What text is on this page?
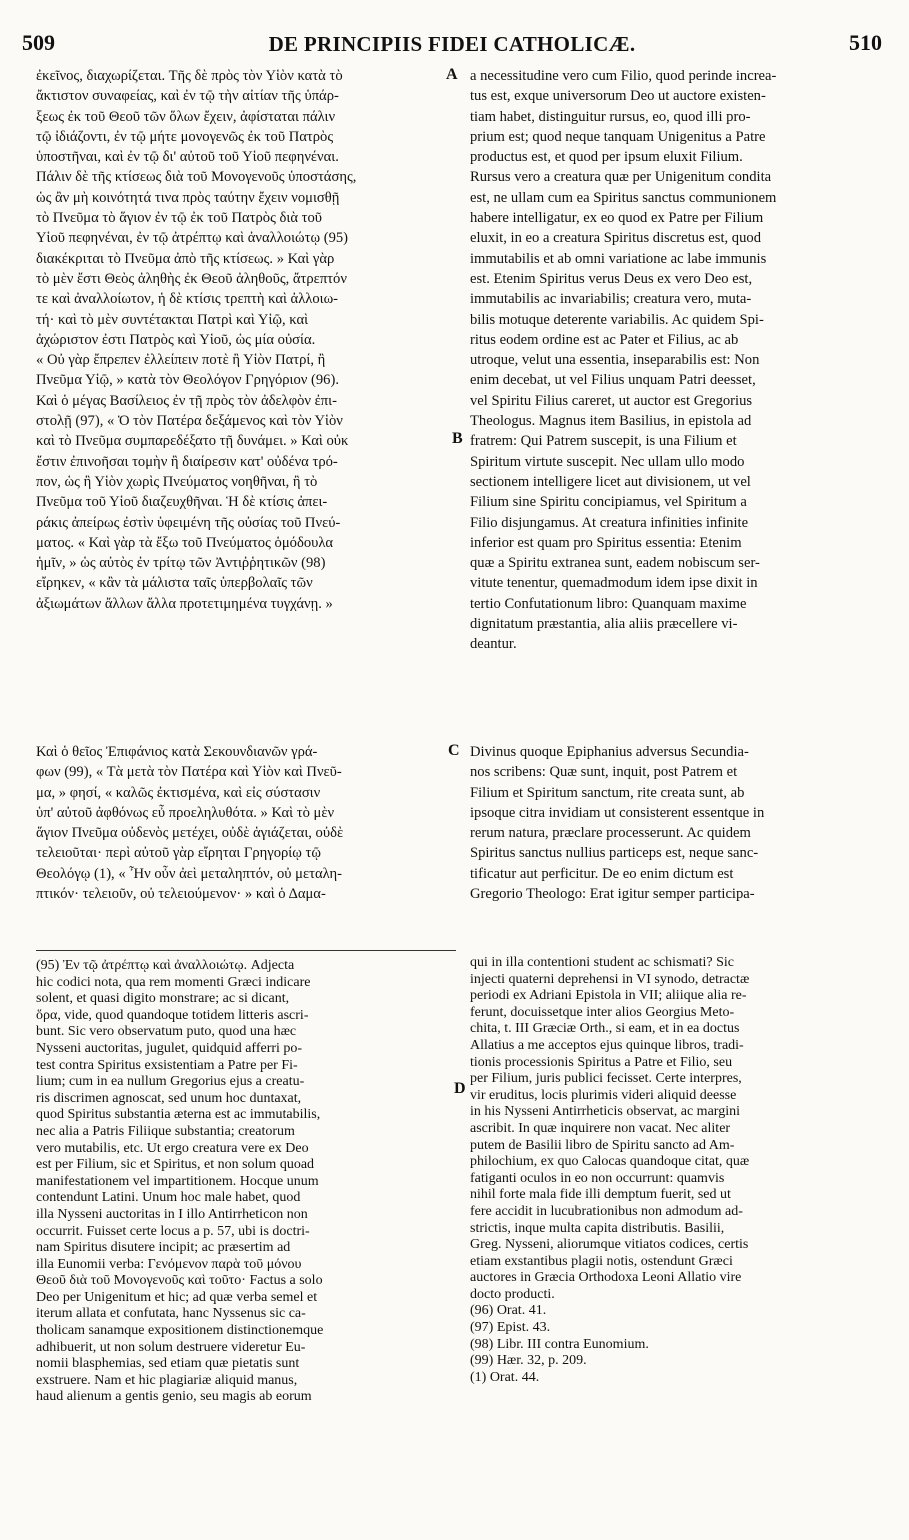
509	DE PRINCIPIIS FIDEI CATHOLICÆ.	510
A
B
C
D

ἐκεῖνος, διαχωρίζεται. Τῆς δὲ πρὸς τὸν Υἱὸν κατὰ τὸ

ἄκτιστον συναφείας, καὶ ἐν τῷ τὴν αἰτίαν τῆς ὑπάρ-

ξεως ἐκ τοῦ Θεοῦ τῶν ὅλων ἔχειν, ἀφίσταται πάλιν

τῷ ἰδιάζοντι, ἐν τῷ μήτε μονογενῶς ἐκ τοῦ Πατρὸς

ὑποστῆναι, καὶ ἐν τῷ δι' αὐτοῦ τοῦ Υἱοῦ πεφηνέναι.

Πάλιν δὲ τῆς κτίσεως διὰ τοῦ Μονογενοῦς ὑποστάσης,

ὡς ἂν μὴ κοινότητά τινα πρὸς ταύτην ἔχειν νομισθῇ

τὸ Πνεῦμα τὸ ἅγιον ἐν τῷ ἐκ τοῦ Πατρὸς διὰ τοῦ

Υἱοῦ πεφηνέναι, ἐν τῷ ἀτρέπτῳ καὶ ἀναλλοιώτῳ (95)

διακέκριται τὸ Πνεῦμα ἀπὸ τῆς κτίσεως. » Καὶ γὰρ

τὸ μὲν ἔστι Θεὸς ἀληθὴς ἐκ Θεοῦ ἀληθοῦς, ἄτρεπτόν

τε καὶ ἀναλλοίωτον, ἡ δὲ κτίσις τρεπτὴ καὶ ἀλλοιω-

τή· καὶ τὸ μὲν συντέτακται Πατρὶ καὶ Υἱῷ, καὶ

ἀχώριστον ἐστι Πατρὸς καὶ Υἱοῦ, ὡς μία οὐσία.

« Οὐ γὰρ ἔπρεπεν ἐλλείπειν ποτὲ ἢ Υἱὸν Πατρί, ἢ

Πνεῦμα Υἱῷ, » κατὰ τὸν Θεολόγον Γρηγόριον (96).

Καὶ ὁ μέγας Βασίλειος ἐν τῇ πρὸς τὸν ἀδελφὸν ἐπι-

στολῇ (97), « Ὁ τὸν Πατέρα δεξάμενος καὶ τὸν Υἱὸν

καὶ τὸ Πνεῦμα συμπαρεδέξατο τῇ δυνάμει. » Καὶ οὐκ

ἔστιν ἐπινοῆσαι τομὴν ἢ διαίρεσιν κατ' οὐδένα τρό-

πον, ὡς ἢ Υἱὸν χωρὶς Πνεύματος νοηθῆναι, ἢ τὸ

Πνεῦμα τοῦ Υἱοῦ διαζευχθῆναι. Ἡ δὲ κτίσις ἀπει-

ράκις ἀπείρως ἐστὶν ὑφειμένη τῆς οὐσίας τοῦ Πνεύ-

ματος. « Καὶ γὰρ τὰ ἔξω τοῦ Πνεύματος ὁμόδουλα

ἡμῖν, » ὡς αὐτὸς ἐν τρίτῳ τῶν Ἀντιῤῥητικῶν (98)

εἴρηκεν, « κἂν τὰ μάλιστα ταῖς ὑπερβολαῖς τῶν

ἀξιωμάτων ἄλλων ἄλλα προτετιμημένα τυγχάνῃ. »

a necessitudine vero cum Filio, quod perinde increa-

tus est, exque universorum Deo ut auctore existen-

tiam habet, distinguitur rursus, eo, quod illi pro-

prium est; quod neque tanquam Unigenitus a Patre

productus est, et quod per ipsum eluxit Filium.

Rursus vero a creatura quæ per Unigenitum condita

est, ne ullam cum ea Spiritus sanctus communionem

habere intelligatur, ex eo quod ex Patre per Filium

eluxit, in eo a creatura Spiritus discretus est, quod

immutabilis et ab omni variatione ac labe immunis

est. Etenim Spiritus verus Deus ex vero Deo est,

immutabilis ac invariabilis; creatura vero, muta-

bilis motuque deterente variabilis. Ac quidem Spi-

ritus eodem ordine est ac Pater et Filius, ac ab

utroque, velut una essentia, inseparabilis est: Non

enim decebat, ut vel Filius unquam Patri deesset,

vel Spiritu Filius careret, ut auctor est Gregorius

Theologus. Magnus item Basilius, in epistola ad

fratrem: Qui Patrem suscepit, is una Filium et

Spiritum virtute suscepit. Nec ullam ullo modo

sectionem intelligere licet aut divisionem, ut vel

Filium sine Spiritu concipiamus, vel Spiritum a

Filio disjungamus. At creatura infinities infinite

inferior est quam pro Spiritus essentia: Etenim

quæ a Spiritu extranea sunt, eadem nobiscum ser-

vitute tenentur, quemadmodum idem ipse dixit in

tertio Confutationum libro: Quanquam maxime

dignitatum præstantia, alia aliis præcellere vi-

deantur.

Καὶ ὁ θεῖος Ἐπιφάνιος κατὰ Σεκουνδιανῶν γρά-

φων (99), « Τὰ μετὰ τὸν Πατέρα καὶ Υἱὸν καὶ Πνεῦ-

μα, » φησί, « καλῶς ἐκτισμένα, καὶ εἰς σύστασιν

ὑπ' αὐτοῦ ἀφθόνως εὖ προεληλυθότα. » Καὶ τὸ μὲν

ἅγιον Πνεῦμα οὐδενὸς μετέχει, οὐδὲ ἁγιάζεται, οὐδὲ

τελειοῦται· περὶ αὐτοῦ γὰρ εἴρηται Γρηγορίῳ τῷ

Θεολόγῳ (1), « Ἦν οὖν ἀεὶ μεταληπτόν, οὐ μεταλη-

πτικόν· τελειοῦν, οὐ τελειούμενον· » καὶ ὁ Δαμα-

Divinus quoque Epiphanius adversus Secundia-

nos scribens: Quæ sunt, inquit, post Patrem et

Filium et Spiritum sanctum, rite creata sunt, ab

ipsoque citra invidiam ut consisterent essentque in

rerum natura, præclare processerunt. Ac quidem

Spiritus sanctus nullius particeps est, neque sanc-

tificatur aut perficitur. De eo enim dictum est

Gregorio Theologo: Erat igitur semper participa-

(95) Ἐν τῷ ἀτρέπτῳ καὶ ἀναλλοιώτῳ. Adjecta

hic codici nota, qua rem momenti Græci indicare

solent, et quasi digito monstrare; ac si dicant,

ὅρα, vide, quod quandoque totidem litteris ascri-

bunt. Sic vero observatum puto, quod una hæc

Nysseni auctoritas, jugulet, quidquid afferri po-

test contra Spiritus exsistentiam a Patre per Fi-

lium; cum in ea nullum Gregorius ejus a creatu-

ris discrimen agnoscat, sed unum hoc duntaxat,

quod Spiritus substantia æterna est ac immutabilis,

nec alia a Patris Filiique substantia; creatorum

vero mutabilis, etc. Ut ergo creatura vere ex Deo

est per Filium, sic et Spiritus, et non solum quoad

manifestationem vel impartitionem. Hocque unum

contendunt Latini. Unum hoc male habet, quod

illa Nysseni auctoritas in I illo Antirrheticon non

occurrit. Fuisset certe locus a p. 57, ubi is doctri-

nam Spiritus disutere incipit; ac præsertim ad

illa Eunomii verba: Γενόμενον παρὰ τοῦ μόνου

Θεοῦ διὰ τοῦ Μονογενοῦς καὶ τοῦτο· Factus a solo

Deo per Unigenitum et hic; ad quæ verba semel et

iterum allata et confutata, hanc Nyssenus sic ca-

tholicam sanamque expositionem distinctionemque

adhibuerit, ut non solum destruere videretur Eu-

nomii blasphemias, sed etiam quæ pietatis sunt

exstruere. Nam et hic plagiariæ aliquid manus,

haud alienum a gentis genio, seu magis ab eorum

qui in illa contentioni student ac schismati? Sic

injecti quaterni deprehensi in VI synodo, detractæ

periodi ex Adriani Epistola in VII; aliique alia re-

ferunt, docuissetque inter alios Georgius Meto-

chita, t. III Græciæ Orth., si eam, et in ea doctus

Allatius a me acceptos ejus quinque libros, tradi-

tionis processionis Spiritus a Patre et Filio, seu

per Filium, juris publici fecisset. Certe interpres,

vir eruditus, locis plurimis videri aliquid deesse

in his Nysseni Antirrheticis observat, ac margini

ascribit. In quæ inquirere non vacat. Nec aliter

putem de Basilii libro de Spiritu sancto ad Am-

philochium, ex quo Calocas quandoque citat, quæ

fatiganti oculos in eo non occurrunt: quamvis

nihil forte mala fide illi demptum fuerit, sed ut

fere accidit in lucubrationibus non admodum ad-

strictis, inque multa capita distributis. Basilii,

Greg. Nysseni, aliorumque vitiatos codices, certis

etiam exstantibus plagii notis, ostendunt Græci

auctores in Græcia Orthodoxa Leoni Allatio vire

docto producti.

(96) Orat. 41.

(97) Epist. 43.

(98) Libr. III contra Eunomium.

(99) Hær. 32, p. 209.

(1) Orat. 44.
